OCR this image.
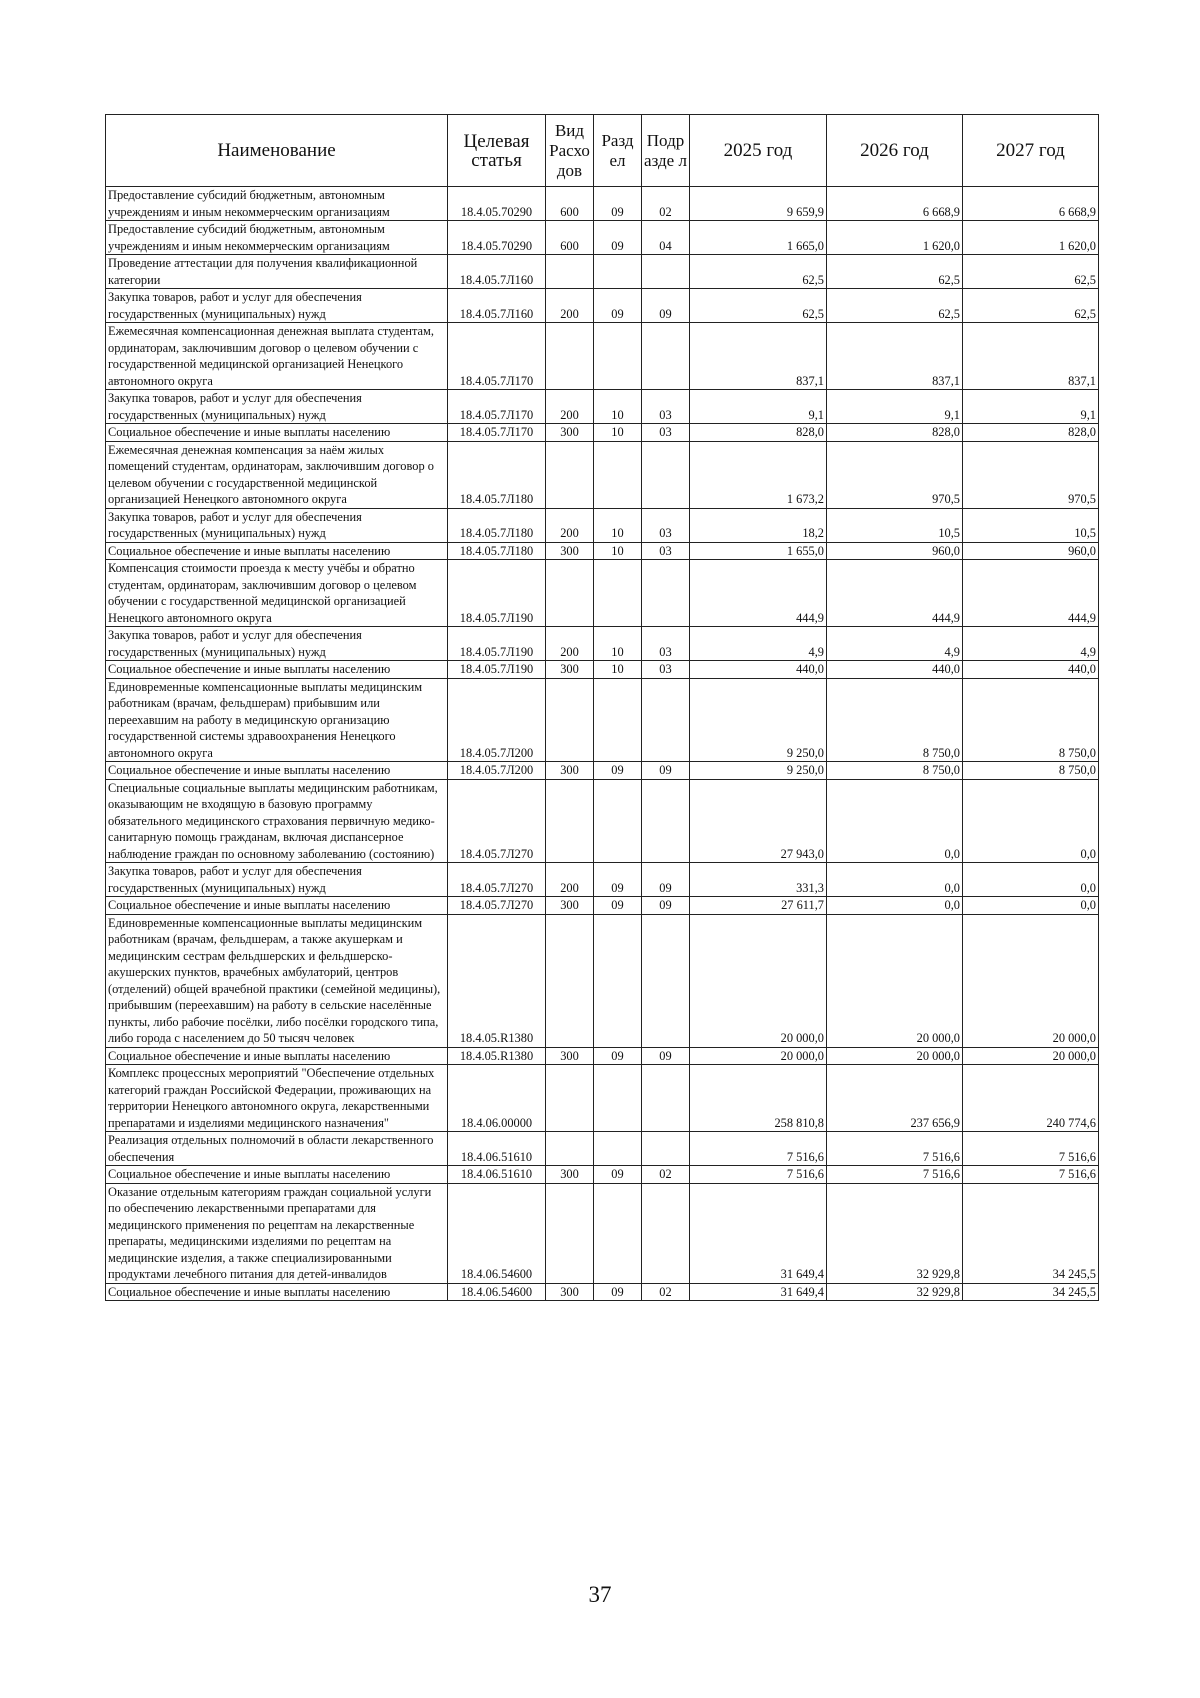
Наименование	Целевая статья	Вид Расхо дов	Разд ел	Подр азде л	2025 год	2026 год	2027 год
Предоставление субсидий бюджетным, автономным учреждениям и иным некоммерческим организациям	18.4.05.70290	600	09	02	9 659,9	6 668,9	6 668,9
Предоставление субсидий бюджетным, автономным учреждениям и иным некоммерческим организациям	18.4.05.70290	600	09	04	1 665,0	1 620,0	1 620,0
Проведение аттестации для получения квалификационной категории	18.4.05.7Л160				62,5	62,5	62,5
Закупка товаров, работ и услуг для обеспечения государственных (муниципальных) нужд	18.4.05.7Л160	200	09	09	62,5	62,5	62,5
Ежемесячная компенсационная денежная выплата студентам, ординаторам, заключившим договор о целевом обучении с государственной медицинской организацией Ненецкого автономного округа	18.4.05.7Л170				837,1	837,1	837,1
Закупка товаров, работ и услуг для обеспечения государственных (муниципальных) нужд	18.4.05.7Л170	200	10	03	9,1	9,1	9,1
Социальное обеспечение и иные выплаты населению	18.4.05.7Л170	300	10	03	828,0	828,0	828,0
Ежемесячная денежная компенсация за наём жилых помещений студентам, ординаторам, заключившим договор о целевом обучении с государственной медицинской организацией Ненецкого автономного округа	18.4.05.7Л180				1 673,2	970,5	970,5
Закупка товаров, работ и услуг для обеспечения государственных (муниципальных) нужд	18.4.05.7Л180	200	10	03	18,2	10,5	10,5
Социальное обеспечение и иные выплаты населению	18.4.05.7Л180	300	10	03	1 655,0	960,0	960,0
Компенсация стоимости проезда к месту учёбы и обратно студентам, ординаторам, заключившим договор о целевом обучении с государственной медицинской организацией Ненецкого автономного округа	18.4.05.7Л190				444,9	444,9	444,9
Закупка товаров, работ и услуг для обеспечения государственных (муниципальных) нужд	18.4.05.7Л190	200	10	03	4,9	4,9	4,9
Социальное обеспечение и иные выплаты населению	18.4.05.7Л190	300	10	03	440,0	440,0	440,0
Единовременные компенсационные выплаты медицинским работникам (врачам, фельдшерам) прибывшим или переехавшим на работу в медицинскую организацию государственной системы здравоохранения Ненецкого автономного округа	18.4.05.7Л200				9 250,0	8 750,0	8 750,0
Социальное обеспечение и иные выплаты населению	18.4.05.7Л200	300	09	09	9 250,0	8 750,0	8 750,0
Специальные социальные выплаты медицинским работникам, оказывающим не входящую в базовую программу обязательного медицинского страхования первичную медико-санитарную помощь гражданам, включая диспансерное наблюдение граждан по основному заболеванию (состоянию)	18.4.05.7Л270				27 943,0	0,0	0,0
Закупка товаров, работ и услуг для обеспечения государственных (муниципальных) нужд	18.4.05.7Л270	200	09	09	331,3	0,0	0,0
Социальное обеспечение и иные выплаты населению	18.4.05.7Л270	300	09	09	27 611,7	0,0	0,0
Единовременные компенсационные выплаты медицинским работникам (врачам, фельдшерам, а также акушеркам и медицинским сестрам фельдшерских и фельдшерско-акушерских пунктов, врачебных амбулаторий, центров (отделений) общей врачебной практики (семейной медицины), прибывшим (переехавшим) на работу в сельские населённые пункты, либо рабочие посёлки, либо посёлки городского типа, либо города с населением до 50 тысяч человек	18.4.05.R1380				20 000,0	20 000,0	20 000,0
Социальное обеспечение и иные выплаты населению	18.4.05.R1380	300	09	09	20 000,0	20 000,0	20 000,0
Комплекс процессных мероприятий "Обеспечение отдельных категорий граждан Российской Федерации, проживающих на территории Ненецкого автономного округа, лекарственными препаратами и изделиями медицинского назначения"	18.4.06.00000				258 810,8	237 656,9	240 774,6
Реализация отдельных полномочий в области лекарственного обеспечения	18.4.06.51610				7 516,6	7 516,6	7 516,6
Социальное обеспечение и иные выплаты населению	18.4.06.51610	300	09	02	7 516,6	7 516,6	7 516,6
Оказание отдельным категориям граждан социальной услуги по обеспечению лекарственными препаратами для медицинского применения по рецептам на лекарственные препараты, медицинскими изделиями по рецептам на медицинские изделия, а также специализированными продуктами лечебного питания для детей-инвалидов	18.4.06.54600				31 649,4	32 929,8	34 245,5
Социальное обеспечение и иные выплаты населению	18.4.06.54600	300	09	02	31 649,4	32 929,8	34 245,5
37
